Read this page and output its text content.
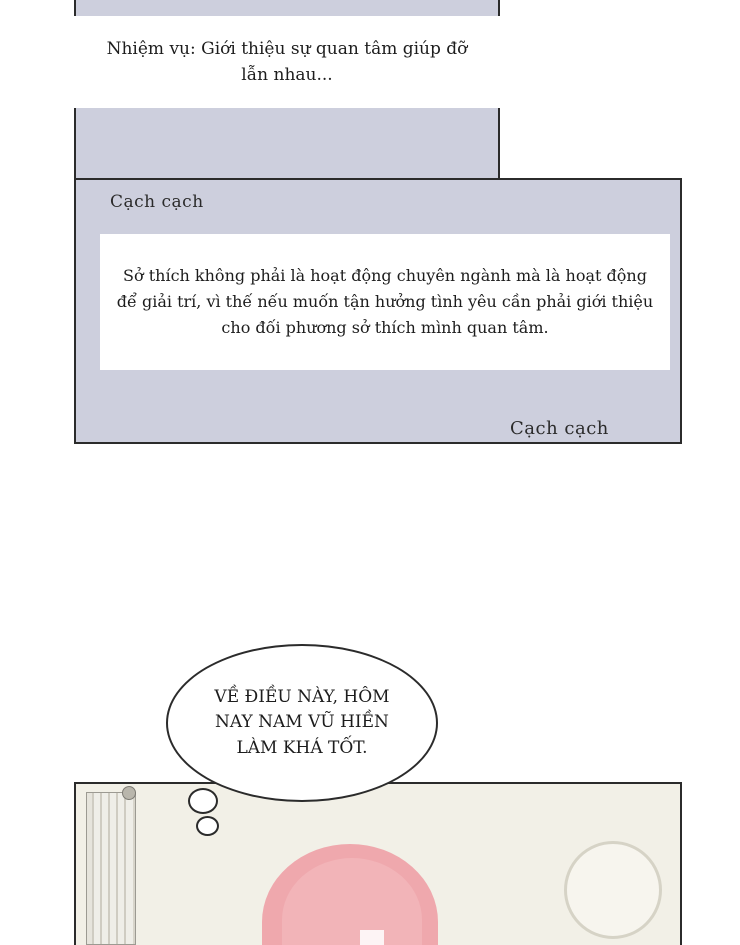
Nhiệm vụ: Giới thiệu sự quan tâm giúp đỡ lẫn nhau...
Cạch cạch
Sở thích không phải là hoạt động chuyên ngành mà là hoạt động để giải trí, vì thế nếu muốn tận hưởng tình yêu cần phải giới thiệu cho đối phương sở thích mình quan tâm.
Cạch cạch
VỀ ĐIỀU NÀY, HÔM NAY NAM VŨ HIỀN LÀM KHÁ TỐT.
